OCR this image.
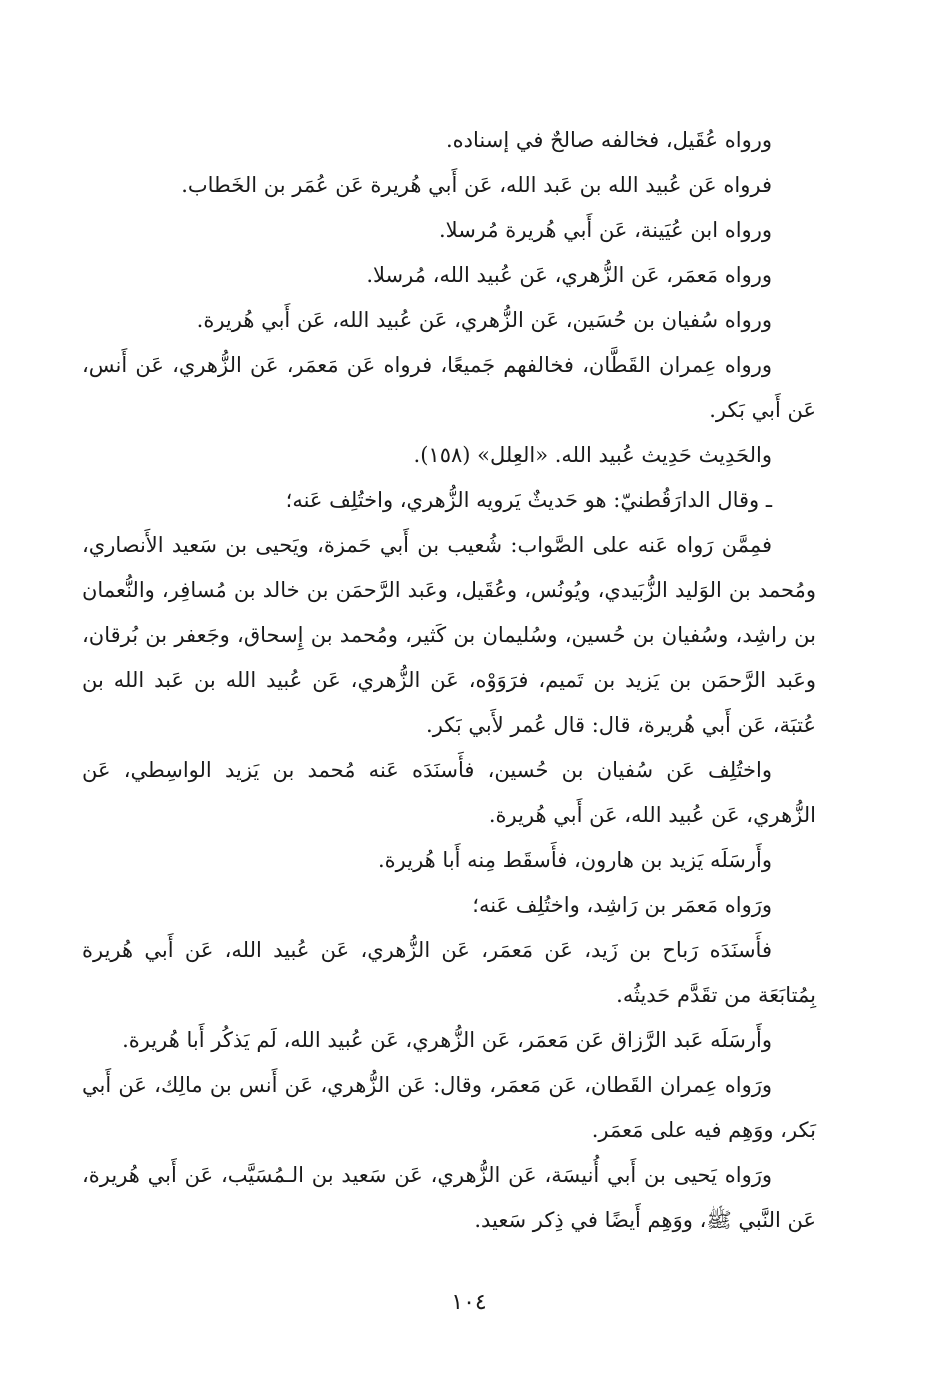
ورواه عُقَيل، فخالفه صالحٌ في إسناده.

فرواه عَن عُبيد الله بن عَبد الله، عَن أَبي هُريرة عَن عُمَر بن الخَطاب.

ورواه ابن عُيَينة، عَن أَبي هُريرة مُرسلا.

ورواه مَعمَر، عَن الزُّهري، عَن عُبيد الله، مُرسلا.

ورواه سُفيان بن حُسَين، عَن الزُّهري، عَن عُبيد الله، عَن أَبي هُريرة.

ورواه عِمران القَطَّان، فخالفهم جَميعًا، فرواه عَن مَعمَر، عَن الزُّهري، عَن أَنس، عَن أَبي بَكر.

والحَدِيث حَدِيث عُبيد الله. «العِلل» (١٥٨).

ـ وقال الدارَقُطنيّ: هو حَديثٌ يَرويه الزُّهري، واختُلِف عَنه؛

فمِمَّن رَواه عَنه على الصَّواب: شُعيب بن أَبي حَمزة، ويَحيى بن سَعيد الأَنصاري، ومُحمد بن الوَليد الزُّبَيدي، ويُونُس، وعُقَيل، وعَبد الرَّحمَن بن خالد بن مُسافِر، والنُّعمان بن راشِد، وسُفيان بن حُسين، وسُليمان بن كَثير، ومُحمد بن إِسحاق، وجَعفر بن بُرقان، وعَبد الرَّحمَن بن يَزيد بن تَميم، فرَوَوْه، عَن الزُّهري، عَن عُبيد الله بن عَبد الله بن عُتبَة، عَن أَبي هُريرة، قال: قال عُمر لأَبي بَكر.

واختُلِف عَن سُفيان بن حُسين، فأَسنَدَه عَنه مُحمد بن يَزيد الواسِطي، عَن الزُّهري، عَن عُبيد الله، عَن أَبي هُريرة.

وأَرسَلَه يَزيد بن هارون، فأَسقَط مِنه أَبا هُريرة.

ورَواه مَعمَر بن رَاشِد، واختُلِف عَنه؛

فأَسنَدَه رَباح بن زَيد، عَن مَعمَر، عَن الزُّهري، عَن عُبيد الله، عَن أَبي هُريرة بِمُتابَعَة من تقَدَّم حَديثُه.

وأَرسَلَه عَبد الرَّزاق عَن مَعمَر، عَن الزُّهري، عَن عُبيد الله، لَم يَذكُر أَبا هُريرة.

ورَواه عِمران القَطان، عَن مَعمَر، وقال: عَن الزُّهري، عَن أَنس بن مالِك، عَن أَبي بَكر، ووَهِم فيه على مَعمَر.

ورَواه يَحيى بن أَبي أُنيسَة، عَن الزُّهري، عَن سَعيد بن الـمُسَيَّب، عَن أَبي هُريرة، عَن النَّبي ﷺ، ووَهِم أَيضًا في ذِكر سَعيد.

١٠٤
